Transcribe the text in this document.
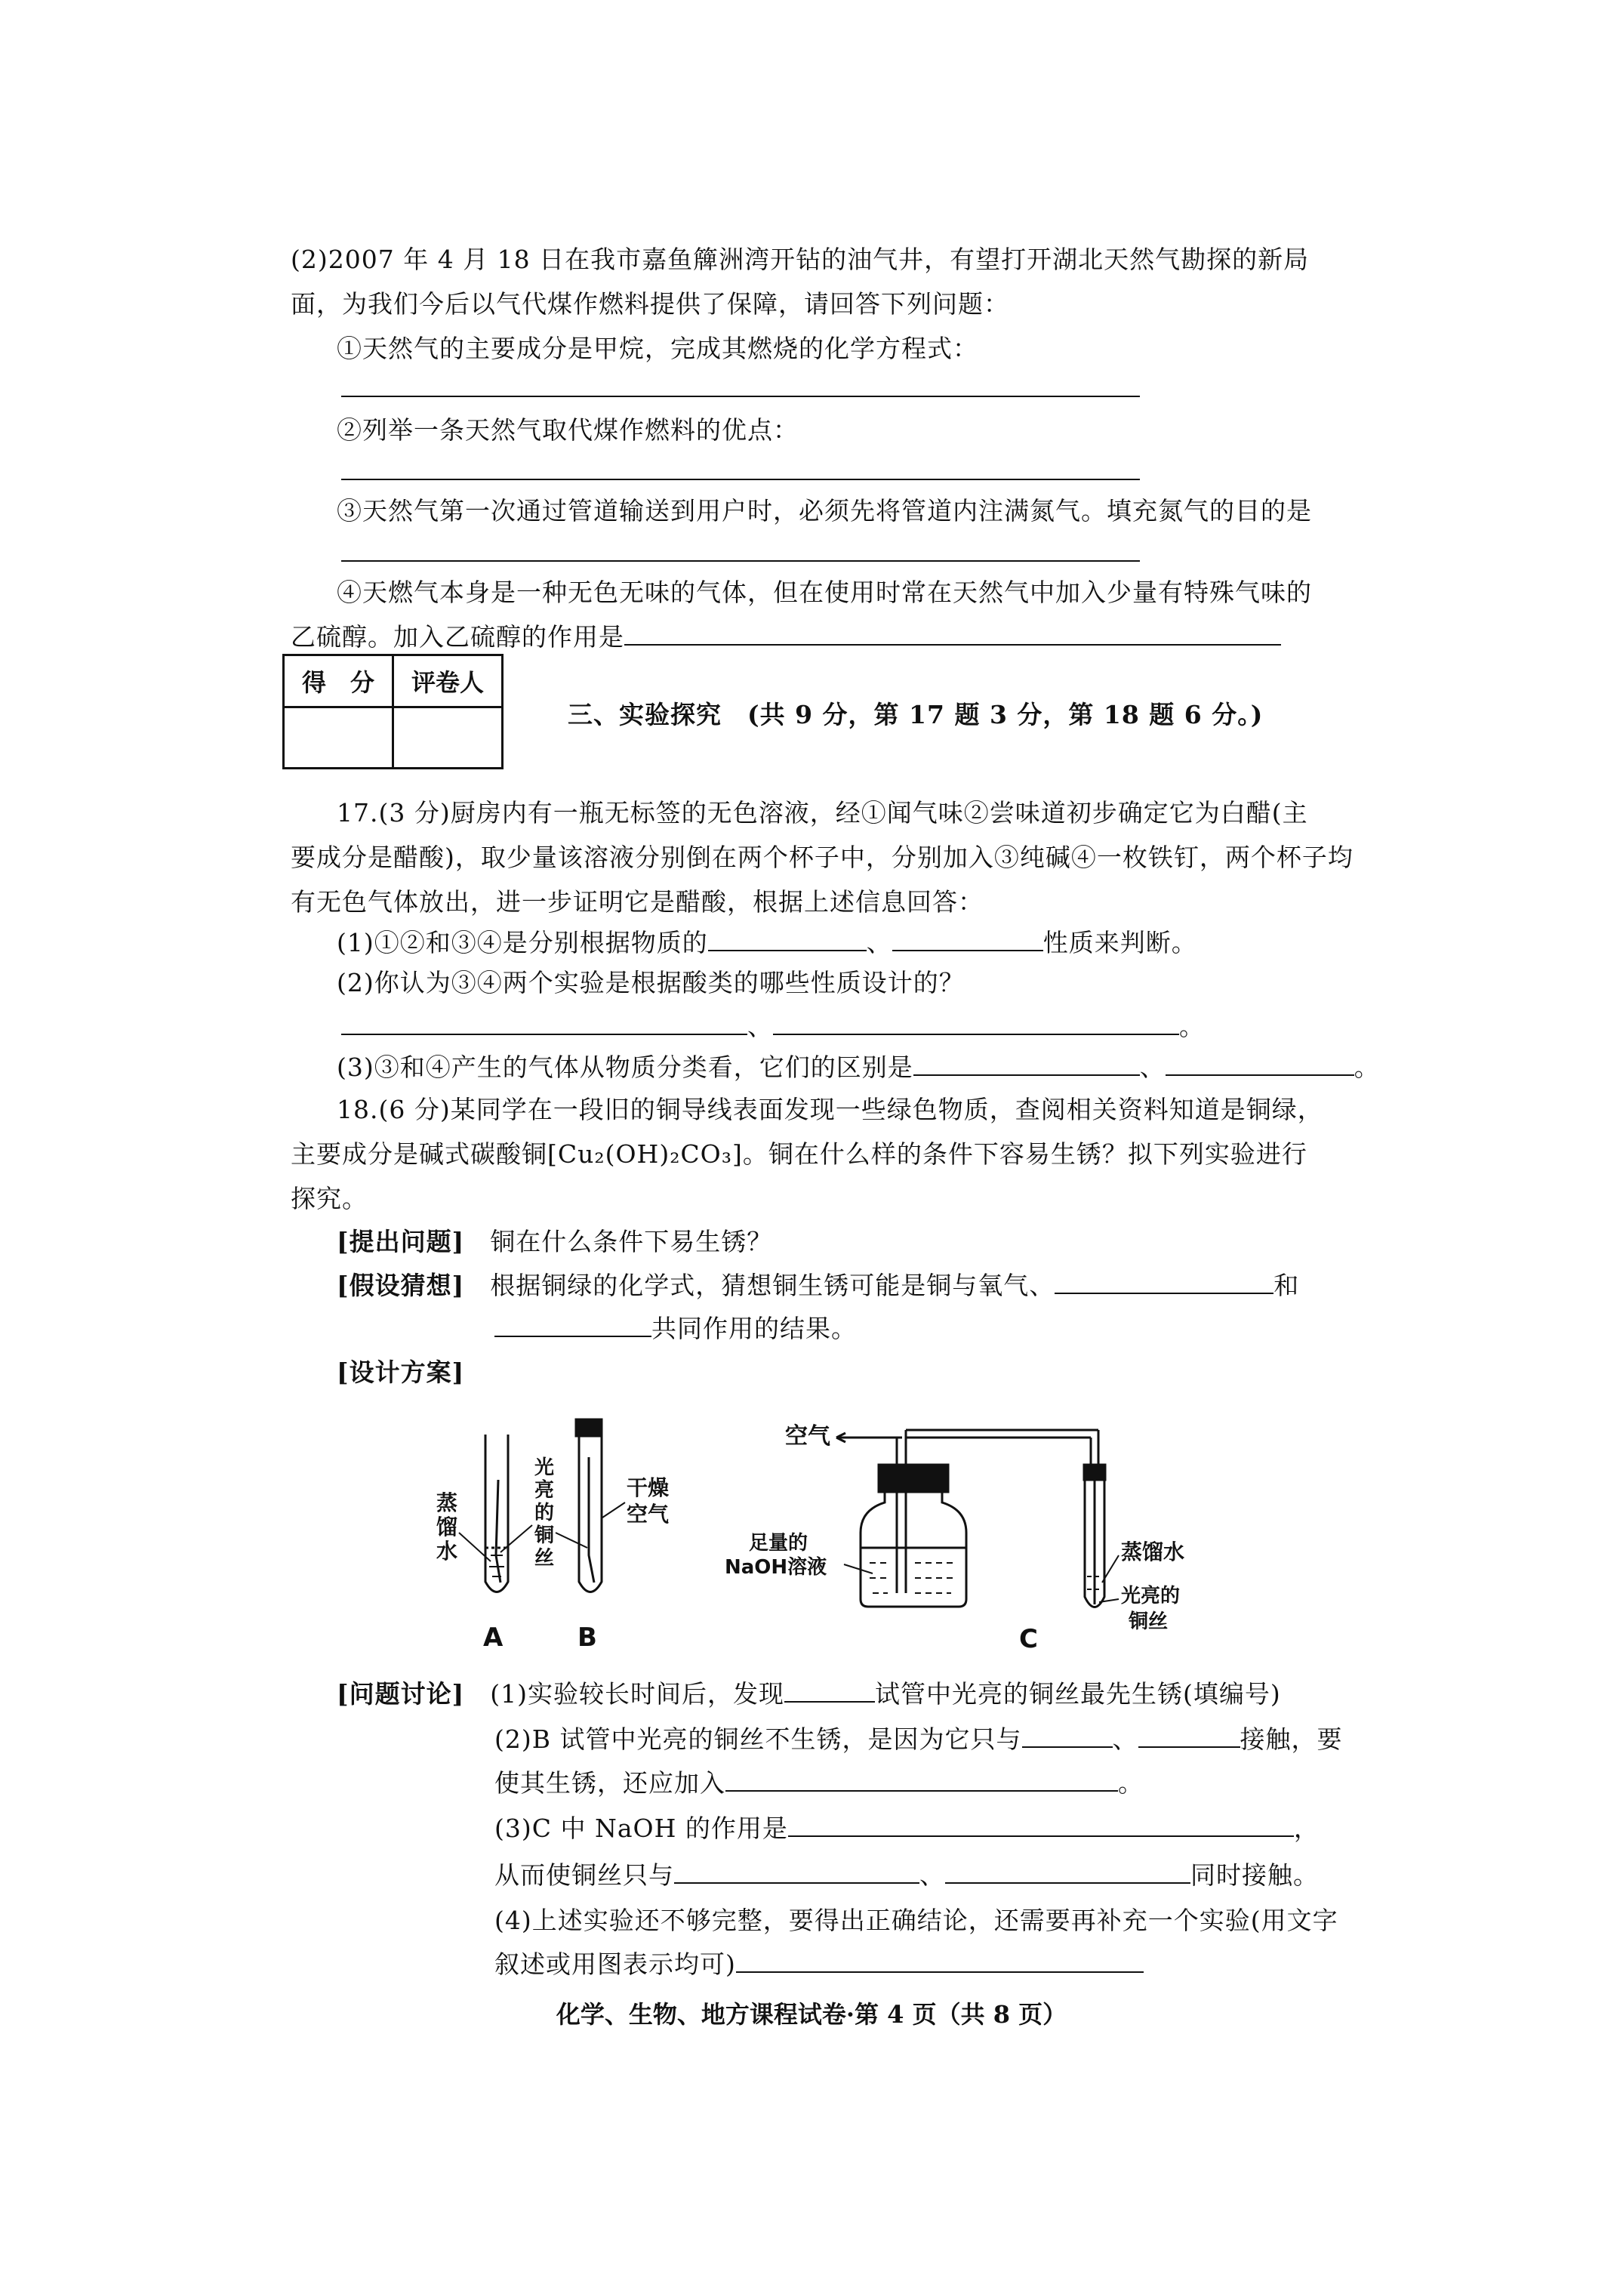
(2)2007 年 4 月 18 日在我市嘉鱼簰洲湾开钻的油气井，有望打开湖北天然气勘探的新局
面，为我们今后以气代煤作燃料提供了保障，请回答下列问题：
①天然气的主要成分是甲烷，完成其燃烧的化学方程式：
②列举一条天然气取代煤作燃料的优点：
③天然气第一次通过管道输送到用户时，必须先将管道内注满氮气。填充氮气的目的是
④天燃气本身是一种无色无味的气体，但在使用时常在天然气中加入少量有特殊气味的
乙硫醇。加入乙硫醇的作用是
得　分	评卷人

三、实验探究　(共 9 分，第 17 题 3 分，第 18 题 6 分。)
17.(3 分)厨房内有一瓶无标签的无色溶液，经①闻气味②尝味道初步确定它为白醋(主
要成分是醋酸)，取少量该溶液分别倒在两个杯子中，分别加入③纯碱④一枚铁钉，两个杯子均
有无色气体放出，进一步证明它是醋酸，根据上述信息回答：
(1)①②和③④是分别根据物质的	、	性质来判断。
(2)你认为③④两个实验是根据酸类的哪些性质设计的？
、	。
(3)③和④产生的气体从物质分类看，它们的区别是	、	。
18.(6 分)某同学在一段旧的铜导线表面发现一些绿色物质，查阅相关资料知道是铜绿，
主要成分是碱式碳酸铜[Cu₂(OH)₂CO₃]。铜在什么样的条件下容易生锈？拟下列实验进行
探究。
[提出问题]　 铜在什么条件下易生锈？
[假设猜想]　 根据铜绿的化学式，猜想铜生锈可能是铜与氧气、	和
共同作用的结果。
[设计方案]
蒸
馏
水
光
亮
的
铜
丝
干燥
空气
A	B
空气
足量的
NaOH溶液
蒸馏水
光亮的
铜丝
C
[问题讨论]　 (1)实验较长时间后，发现	试管中光亮的铜丝最先生锈(填编号)
(2)B 试管中光亮的铜丝不生锈，是因为它只与	、	接触，要
使其生锈，还应加入	。
(3)C 中 NaOH 的作用是	，
从而使铜丝只与	、	同时接触。
(4)上述实验还不够完整，要得出正确结论，还需要再补充一个实验(用文字
叙述或用图表示均可)
化学、生物、地方课程试卷·第 4 页（共 8 页）
